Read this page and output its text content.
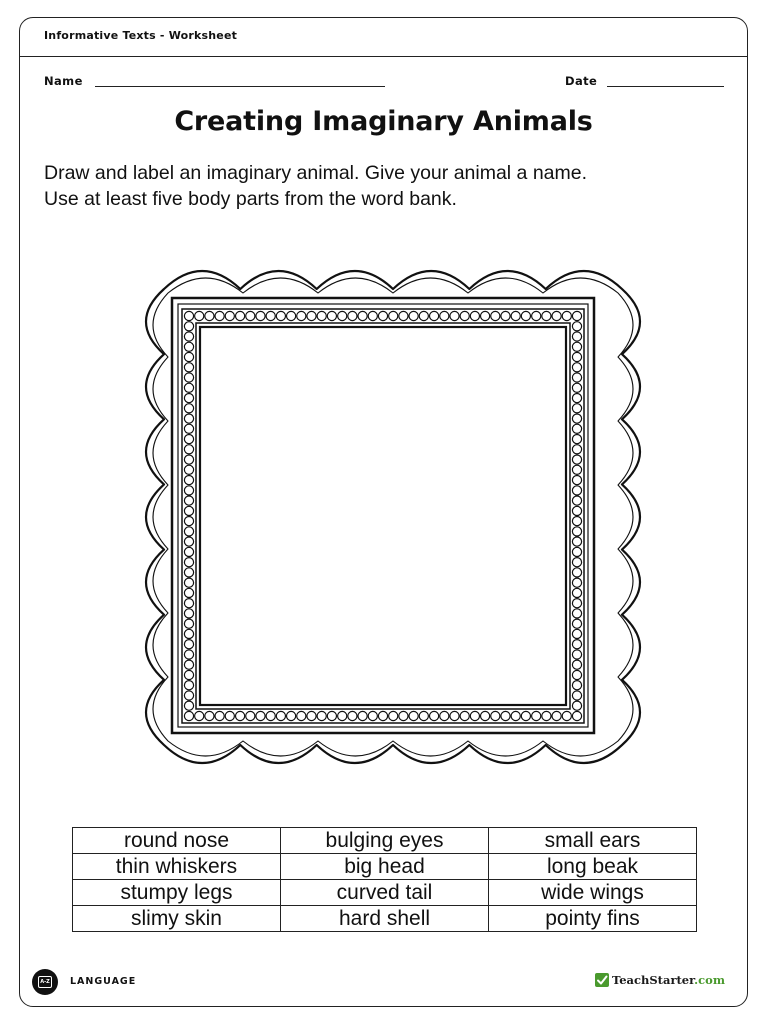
Informative Texts - Worksheet
Name	Date
Creating Imaginary Animals
Draw and label an imaginary animal. Give your animal a name.
Use at least five body parts from the word bank.
round nose	bulging eyes	small ears
thin whiskers	big head	long beak
stumpy legs	curved tail	wide wings
slimy skin	hard shell	pointy fins
A-Z LANGUAGE	TeachStarter.com
